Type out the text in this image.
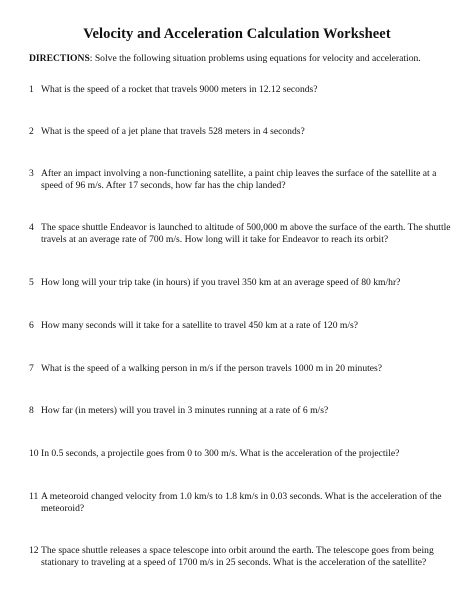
Velocity and Acceleration Calculation Worksheet
DIRECTIONS: Solve the following situation problems using equations for velocity and acceleration.
1 What is the speed of a rocket that travels 9000 meters in 12.12 seconds?
2 What is the speed of a jet plane that travels 528 meters in 4 seconds?
3 After an impact involving a non-functioning satellite, a paint chip leaves the surface of the satellite at a speed of 96 m/s. After 17 seconds, how far has the chip landed?
4 The space shuttle Endeavor is launched to altitude of 500,000 m above the surface of the earth. The shuttle travels at an average rate of 700 m/s. How long will it take for Endeavor to reach its orbit?
5 How long will your trip take (in hours) if you travel 350 km at an average speed of 80 km/hr?
6 How many seconds will it take for a satellite to travel 450 km at a rate of 120 m/s?
7 What is the speed of a walking person in m/s if the person travels 1000 m in 20 minutes?
8 How far (in meters) will you travel in 3 minutes running at a rate of 6 m/s?
10 In 0.5 seconds, a projectile goes from 0 to 300 m/s. What is the acceleration of the projectile?
11 A meteoroid changed velocity from 1.0 km/s to 1.8 km/s in 0.03 seconds. What is the acceleration of the meteoroid?
12 The space shuttle releases a space telescope into orbit around the earth. The telescope goes from being stationary to traveling at a speed of 1700 m/s in 25 seconds. What is the acceleration of the satellite?
